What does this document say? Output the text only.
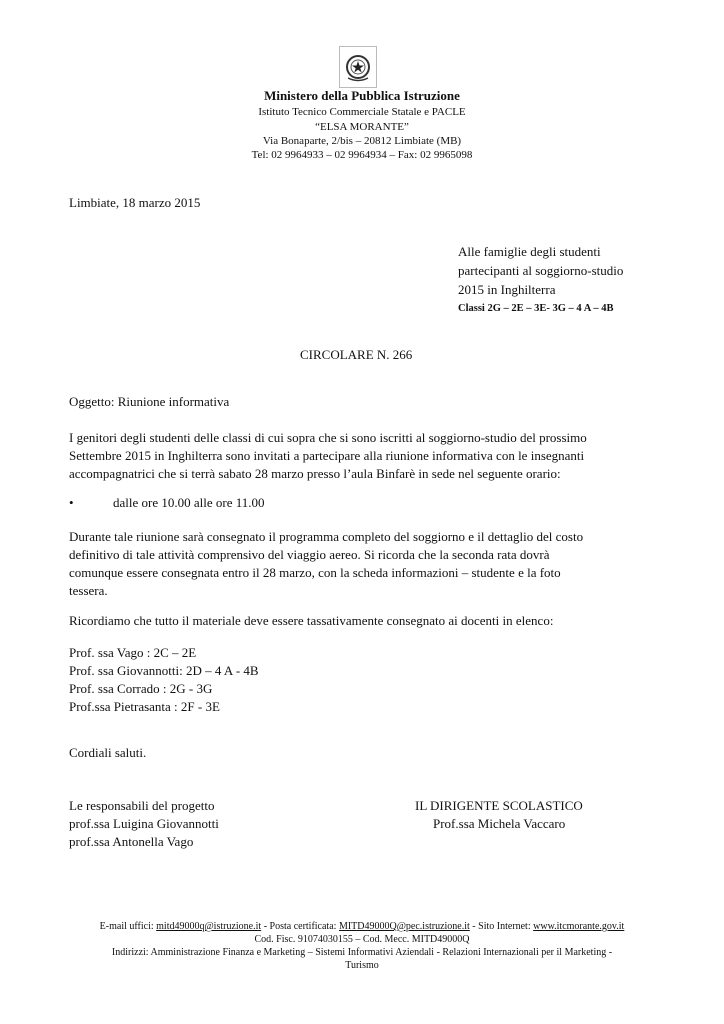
Ministero della Pubblica Istruzione
Istituto Tecnico Commerciale Statale e PACLE
“ELSA MORANTE”
Via Bonaparte, 2/bis – 20812 Limbiate (MB)
Tel: 02 9964933 – 02 9964934 – Fax: 02 9965098
Limbiate, 18 marzo 2015
Alle famiglie degli studenti
partecipanti al soggiorno-studio
2015 in Inghilterra
Classi 2G – 2E – 3E- 3G – 4 A – 4B
CIRCOLARE N. 266
Oggetto: Riunione informativa
I genitori degli studenti delle classi di cui sopra che si sono iscritti al soggiorno-studio del prossimo
Settembre 2015 in Inghilterra sono invitati a partecipare alla riunione informativa con le insegnanti
accompagnatrici che si terrà sabato 28 marzo presso l’aula Binfarè in sede nel seguente orario:
•	dalle ore 10.00 alle ore 11.00
Durante tale riunione sarà consegnato il programma completo del soggiorno e il dettaglio del costo
definitivo di tale attività comprensivo del viaggio aereo. Si ricorda che la seconda rata dovrà
comunque essere consegnata entro il 28 marzo, con la scheda informazioni – studente e la foto
tessera.
Ricordiamo che tutto il materiale deve essere tassativamente consegnato ai docenti in elenco:
Prof. ssa Vago : 2C – 2E
Prof. ssa Giovannotti: 2D – 4 A - 4B
Prof. ssa Corrado : 2G - 3G
Prof.ssa Pietrasanta : 2F - 3E
Cordiali saluti.
Le responsabili del progetto
prof.ssa Luigina Giovannotti
prof.ssa Antonella Vago
IL DIRIGENTE SCOLASTICO
Prof.ssa Michela Vaccaro
E-mail uffici: mitd49000q@istruzione.it - Posta certificata: MITD49000Q@pec.istruzione.it - Sito Internet: www.itcmorante.gov.it
Cod. Fisc. 91074030155 – Cod. Mecc. MITD49000Q
Indirizzi: Amministrazione Finanza e Marketing – Sistemi Informativi Aziendali - Relazioni Internazionali per il Marketing -
Turismo
